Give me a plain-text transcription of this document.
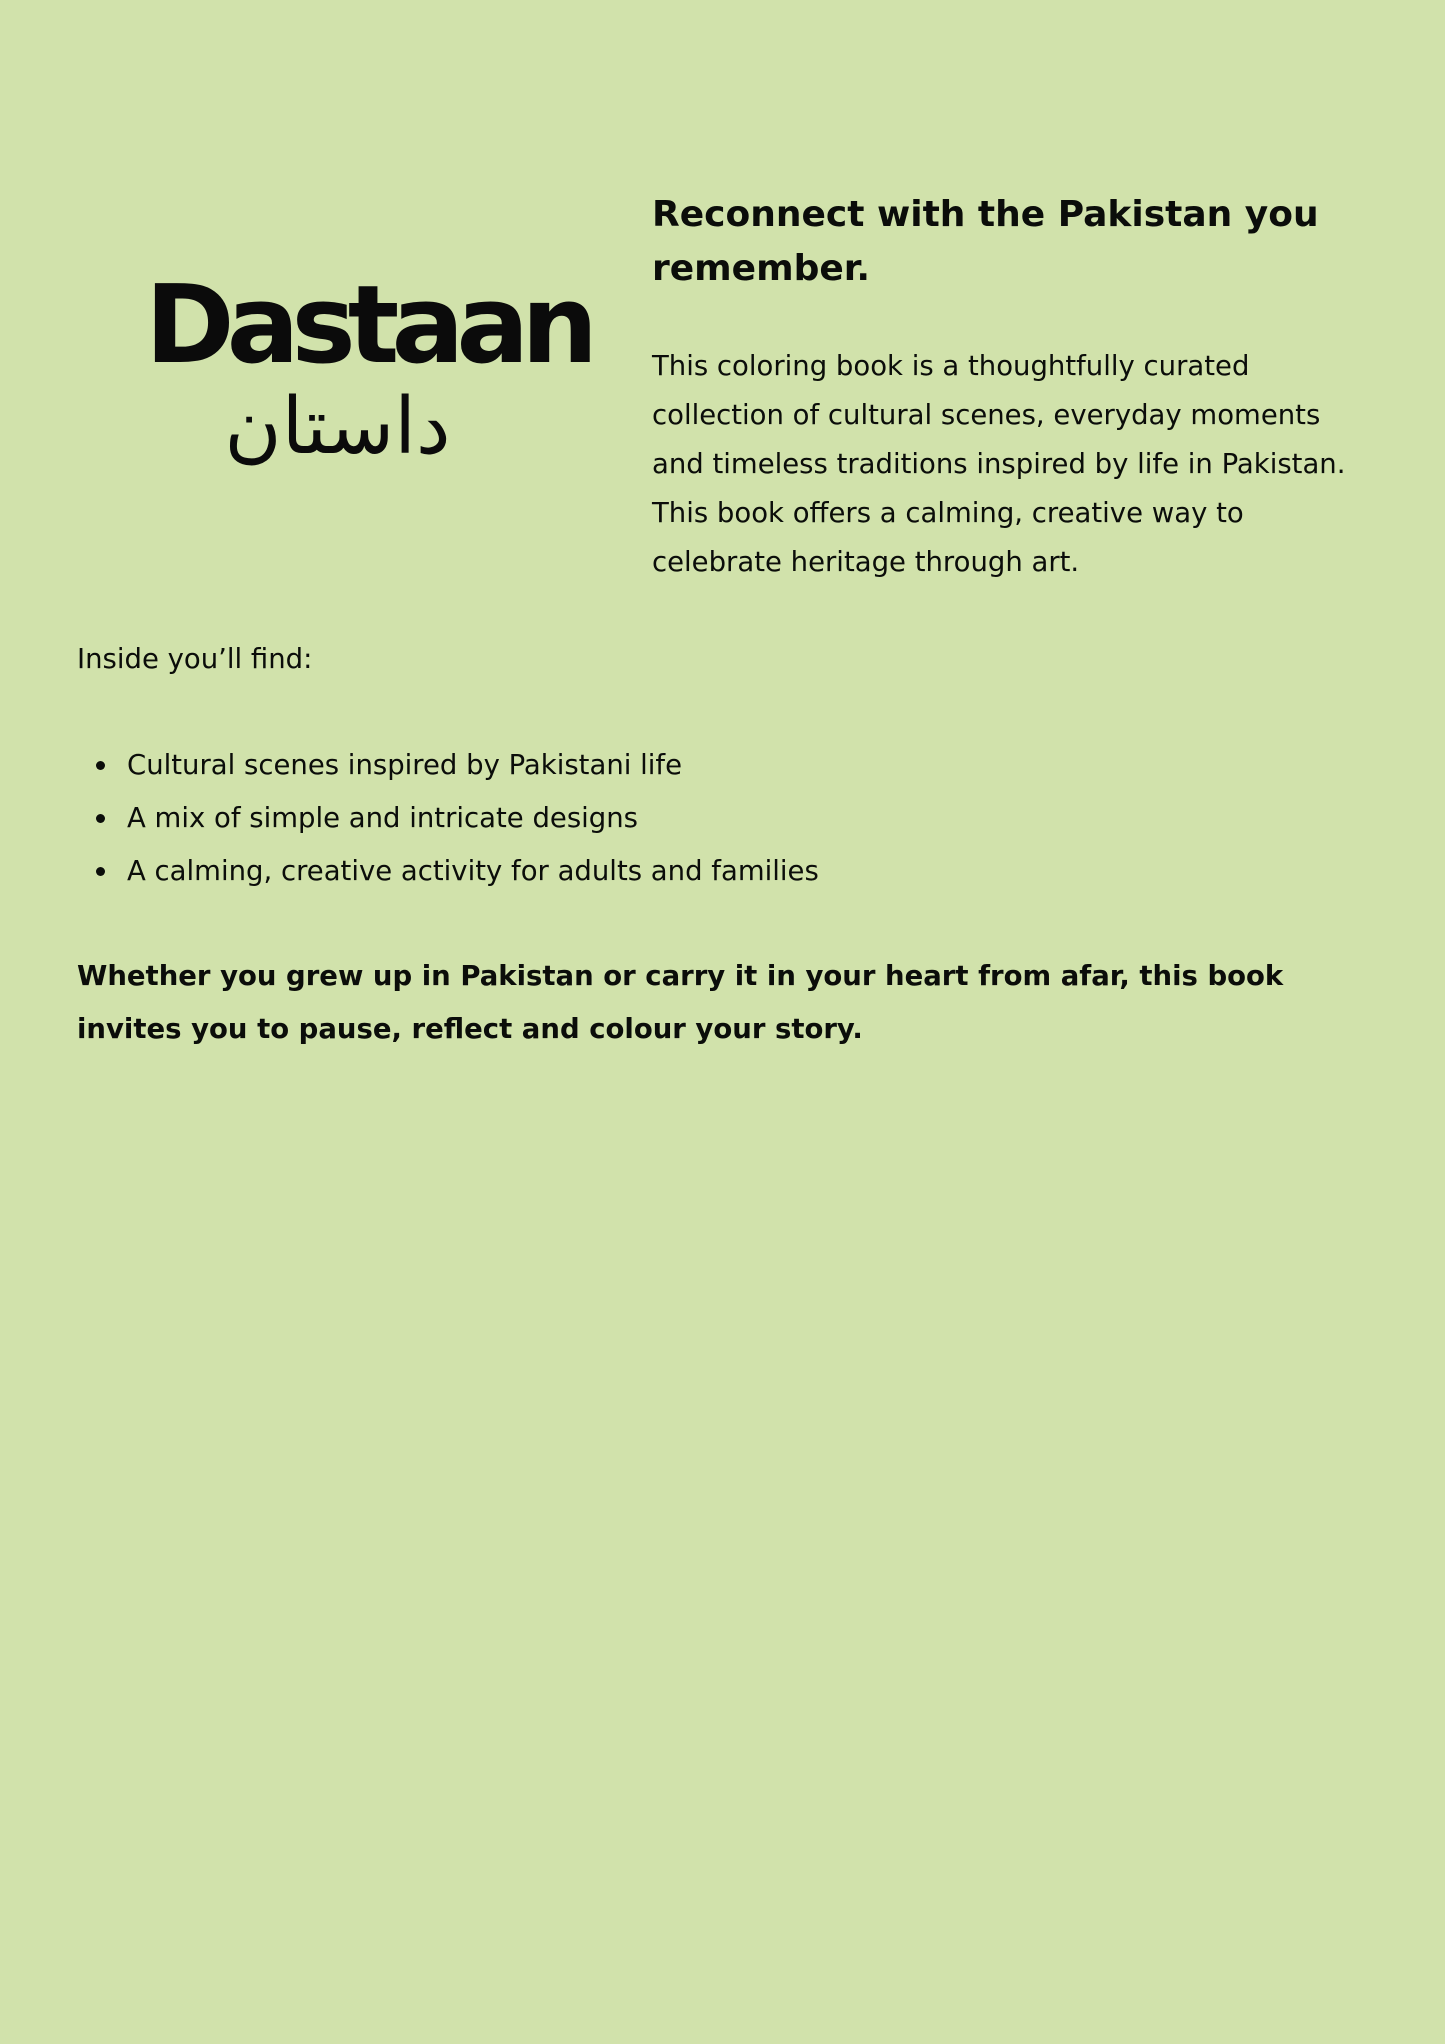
Dastaan
داستان
Reconnect with the Pakistan you remember.

This coloring book is a thoughtfully curated collection of cultural scenes, everyday moments and timeless traditions inspired by life in Pakistan. This book offers a calming, creative way to celebrate heritage through art.

Inside you’ll find:

Cultural scenes inspired by Pakistani life
A mix of simple and intricate designs
A calming, creative activity for adults and families

Whether you grew up in Pakistan or carry it in your heart from afar, this book invites you to pause, reflect and colour your story.
